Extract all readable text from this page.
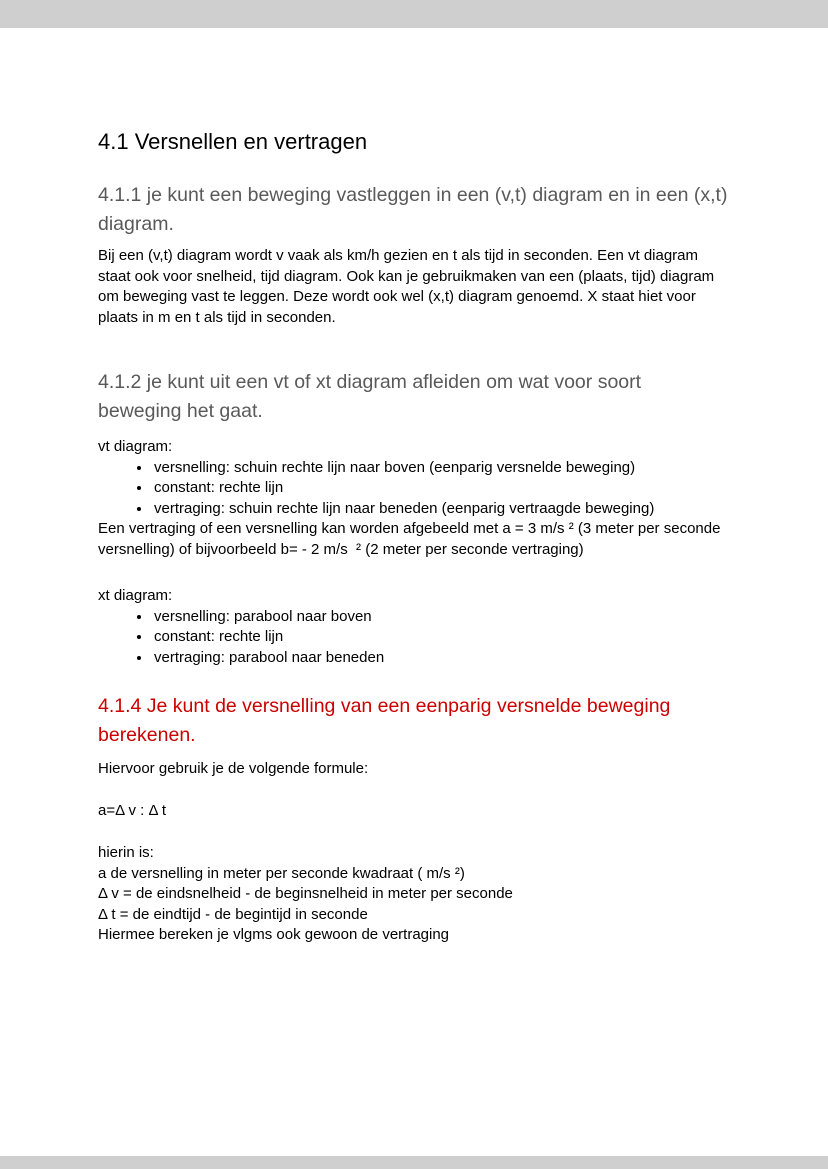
4.1 Versnellen en vertragen
4.1.1 je kunt een beweging vastleggen in een (v,t) diagram en in een (x,t) diagram.

Bij een (v,t) diagram wordt v vaak als km/h gezien en t als tijd in seconden. Een vt diagram staat ook voor snelheid, tijd diagram. Ook kan je gebruikmaken van een (plaats, tijd) diagram om beweging vast te leggen. Deze wordt ook wel (x,t) diagram genoemd. X staat hiet voor plaats in m en t als tijd in seconden.

4.1.2 je kunt uit een vt of xt diagram afleiden om wat voor soort beweging het gaat.

vt diagram:

• versnelling: schuin rechte lijn naar boven (eenparig versnelde beweging)
• constant: rechte lijn
• vertraging: schuin rechte lijn naar beneden (eenparig vertraagde beweging)

Een vertraging of een versnelling kan worden afgebeeld met a = 3 m/s ² (3 meter per seconde versnelling) of bijvoorbeeld b= - 2 m/s  ² (2 meter per seconde vertraging)

xt diagram:

• versnelling: parabool naar boven
• constant: rechte lijn
• vertraging: parabool naar beneden
4.1.4 Je kunt de versnelling van een eenparig versnelde beweging berekenen.

Hiervoor gebruik je de volgende formule:

a=Δ v : Δ t

hierin is:

a de versnelling in meter per seconde kwadraat ( m/s ²)

Δ v = de eindsnelheid - de beginsnelheid in meter per seconde

Δ t = de eindtijd - de begintijd in seconde

Hiermee bereken je vlgms ook gewoon de vertraging
